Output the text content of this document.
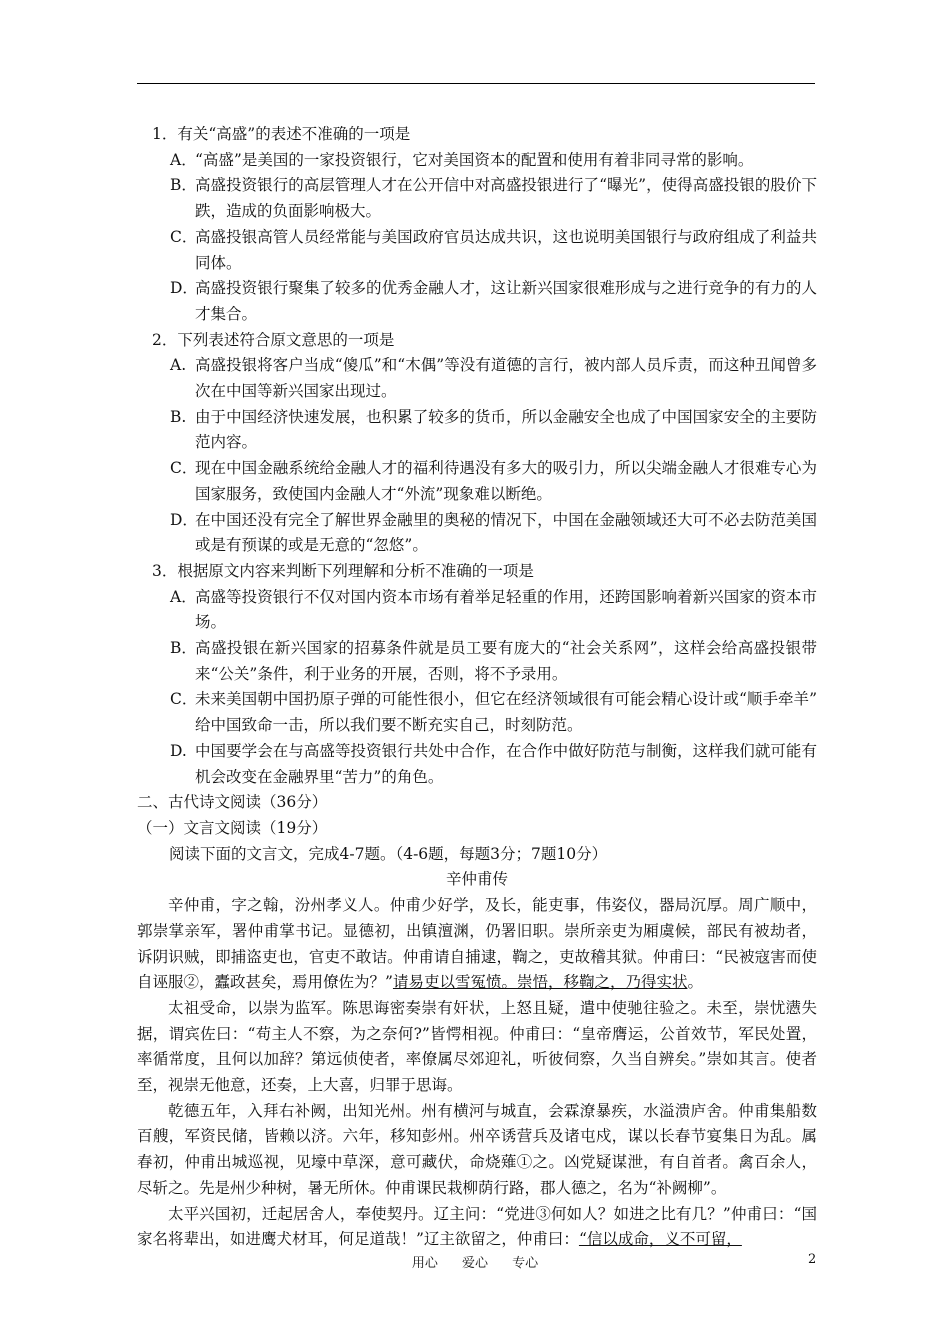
1．有关“高盛”的表述不准确的一项是
A．
“高盛”是美国的一家投资银行，它对美国资本的配置和使用有着非同寻常的影响。
B．
高盛投资银行的高层管理人才在公开信中对高盛投银进行了“曝光”，使得高盛投银的股价下跌，造成的负面影响极大。
C．
高盛投银高管人员经常能与美国政府官员达成共识，这也说明美国银行与政府组成了利益共同体。
D．
高盛投资银行聚集了较多的优秀金融人才，这让新兴国家很难形成与之进行竞争的有力的人才集合。
2．下列表述符合原文意思的一项是
A. 高盛投银将客户当成“傻瓜”和“木偶”等没有道德的言行，被内部人员斥责，而这种丑闻曾多次在中国等新兴国家出现过。
B. 由于中国经济快速发展，也积累了较多的货币，所以金融安全也成了中国国家安全的主要防范内容。
C．
现在中国金融系统给金融人才的福利待遇没有多大的吸引力，所以尖端金融人才很难专心为国家服务，致使国内金融人才“外流”现象难以断绝。
D．
在中国还没有完全了解世界金融里的奥秘的情况下，中国在金融领域还大可不必去防范美国或是有预谋的或是无意的“忽悠”。
3．根据原文内容来判断下列理解和分析不准确的一项是
A．
高盛等投资银行不仅对国内资本市场有着举足轻重的作用，还跨国影响着新兴国家的资本市场。
B．
高盛投银在新兴国家的招募条件就是员工要有庞大的“社会关系网”，这样会给高盛投银带来“公关”条件，利于业务的开展，否则，将不予录用。
C．
未来美国朝中国扔原子弹的可能性很小，但它在经济领域很有可能会精心设计或“顺手牵羊” 给中国致命一击，所以我们要不断充实自己，时刻防范。
D. 中国要学会在与高盛等投资银行共处中合作，在合作中做好防范与制衡，这样我们就可能有机会改变在金融界里“苦力”的角色。
二、古代诗文阅读（36分）
（一）文言文阅读（19分）
阅读下面的文言文，完成4-7题。（4-6题，每题3分；7题10分）
辛仲甫传
辛仲甫，字之翰，汾州孝义人。仲甫少好学，及长，能吏事，伟姿仪，器局沉厚。周广顺中，郭崇掌亲军，署仲甫掌书记。显德初，出镇澶渊，仍署旧职。崇所亲吏为厢虞候，部民有被劫者，诉阴识贼，即捕盗吏也，官吏不敢诘。仲甫请自捕逮，鞫之，吏故稽其狱。仲甫曰：“民被寇害而使自诬服②，蠹政甚矣，焉用僚佐为？”请易吏以雪冤愤。崇悟，移鞫之，乃得实状。
太祖受命，以崇为监军。陈思诲密奏崇有奸状，上怒且疑，遣中使驰往验之。未至，崇忧懑失据，谓宾佐曰：“苟主人不察，为之奈何?”皆愕相视。仲甫曰：“皇帝膺运，公首效节，军民处置，率循常度，且何以加辞？第远侦使者，率僚属尽郊迎礼，听彼伺察，久当自辨矣。”崇如其言。使者至，视崇无他意，还奏，上大喜，归罪于思诲。
乾德五年，入拜右补阙，出知光州。州有横河与城直，会霖潦暴疾，水溢溃庐舍。仲甫集船数百艘，军资民储，皆赖以济。六年，移知彭州。州卒诱营兵及诸屯戍，谋以长春节宴集日为乱。属春初，仲甫出城巡视，见壕中草深，意可藏伏，命烧薙①之。凶党疑谋泄，有自首者。禽百余人，尽斩之。先是州少种树，暑无所休。仲甫课民栽柳荫行路，郡人德之，名为“补阙柳”。
太平兴国初，迁起居舍人，奉使契丹。辽主问：“党进③何如人？如进之比有几？”仲甫曰：“国家名将辈出，如进鹰犬材耳，何足道哉！”辽主欲留之，仲甫曰：“信以成命，义不可留，
用心 爱心 专心	2
